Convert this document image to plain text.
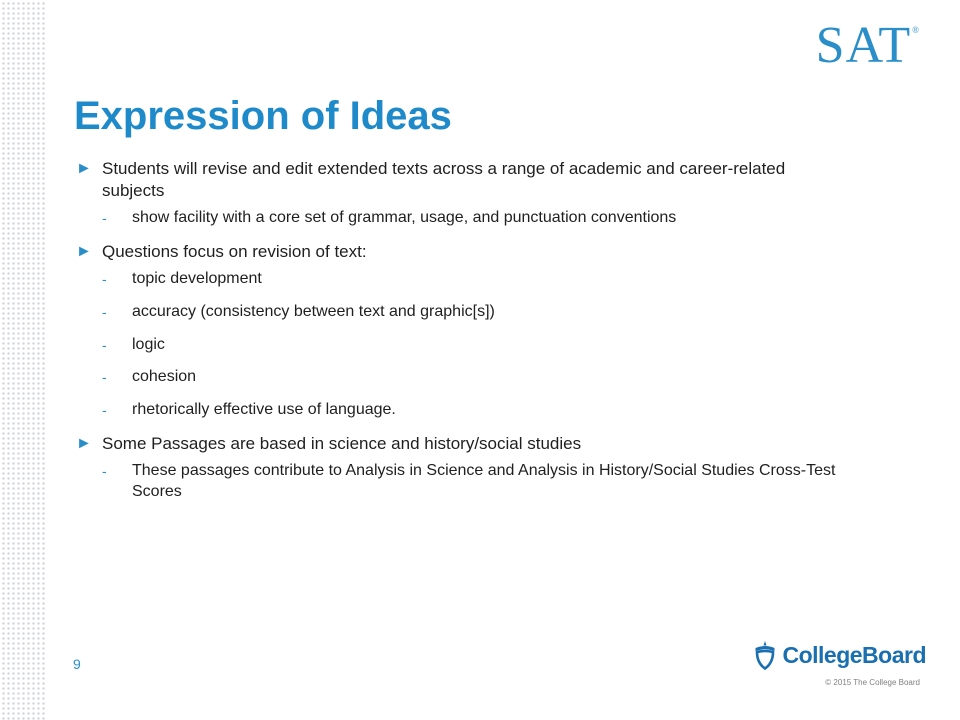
SAT®
Expression of Ideas
► Students will revise and edit extended texts across a range of academic and career-related subjects
-	show facility with a core set of grammar, usage, and punctuation conventions
► Questions focus on revision of text:
-	topic development
-	accuracy (consistency between text and graphic[s])
-	logic
-	cohesion
-	rhetorically effective use of language.
► Some Passages are based in science and history/social studies
-	These passages contribute to Analysis in Science and Analysis in History/Social Studies Cross-Test Scores
9	CollegeBoard
© 2015 The College Board
